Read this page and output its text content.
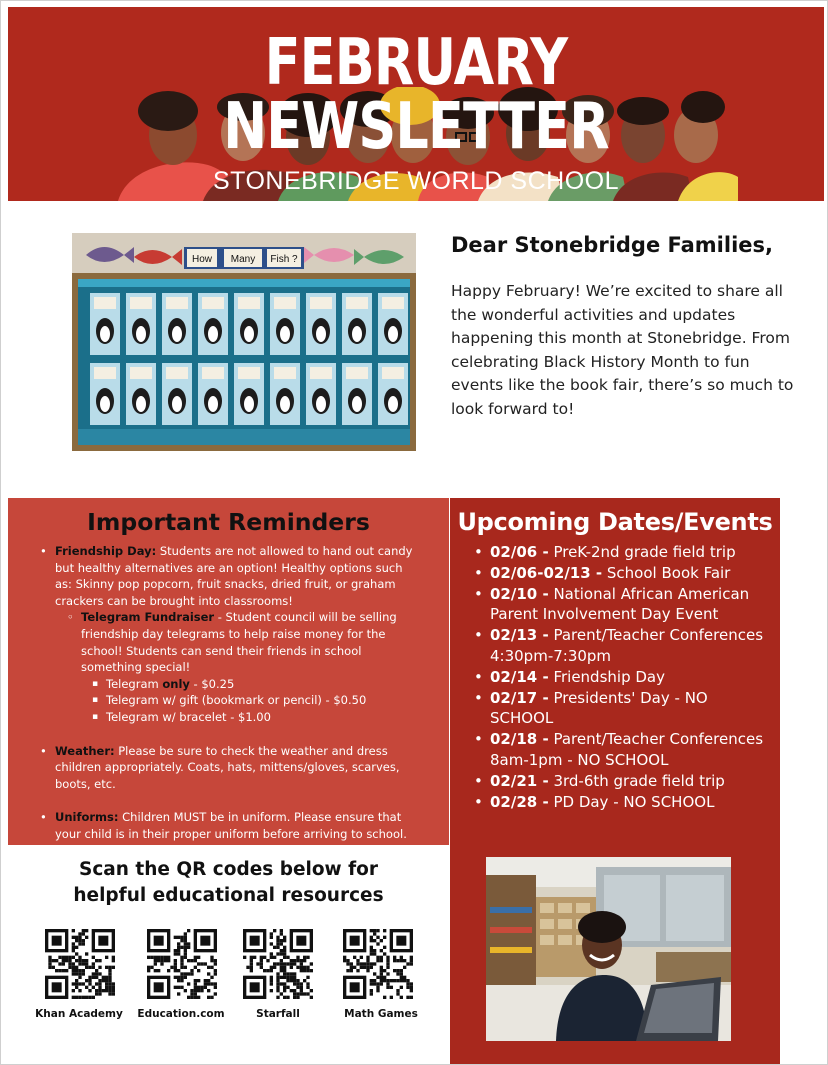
FEBRUARY NEWSLETTER
STONEBRIDGE WORLD SCHOOL
How Many Fish ?
Dear Stonebridge Families,
Happy February! We’re excited to share all the wonderful activities and updates happening this month at Stonebridge. From celebrating Black History Month to fun events like the book fair, there’s so much to look forward to!
Important Reminders

• Friendship Day: Students are not allowed to hand out candy but healthy alternatives are an option! Healthy options such as: Skinny pop popcorn, fruit snacks, dried fruit, or graham crackers can be brought into classrooms!

◦ Telegram Fundraiser - Student council will be selling friendship day telegrams to help raise money for the school! Students can send their friends in school something special!

▪ Telegram only - $0.25

▪ Telegram w/ gift (bookmark or pencil) - $0.50

▪ Telegram w/ bracelet - $1.00

• Weather: Please be sure to check the weather and dress children appropriately. Coats, hats, mittens/gloves, scarves, boots, etc.

• Uniforms: Children MUST be in uniform. Please ensure that your child is in their proper uniform before arriving to school.

Scan the QR codes below for
helpful educational resources
Khan Academy	Education.com	Starfall	Math Games
Upcoming Dates/Events
• 02/06 - PreK-2nd grade field trip
• 02/06-02/13 - School Book Fair
• 02/10 - National African American Parent Involvement Day Event
• 02/13 - Parent/Teacher Conferences 4:30pm-7:30pm
• 02/14 - Friendship Day
• 02/17 - Presidents' Day - NO SCHOOL
• 02/18 - Parent/Teacher Conferences 8am-1pm - NO SCHOOL
• 02/21 - 3rd-6th grade field trip
• 02/28 - PD Day - NO SCHOOL
